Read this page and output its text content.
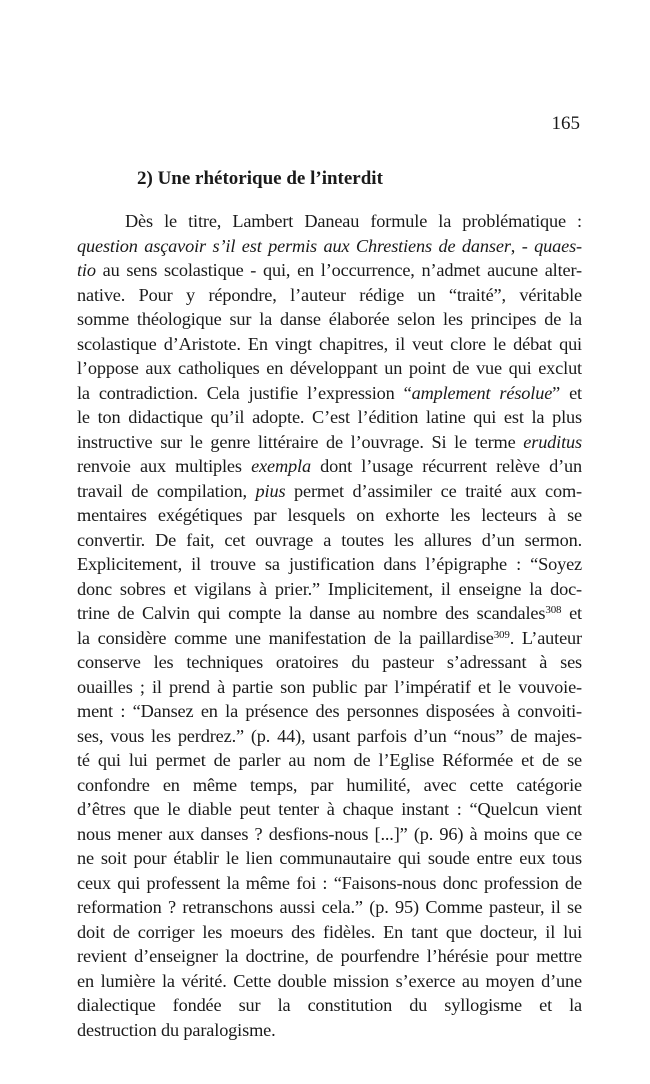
165
2) Une rhétorique de l’interdit
Dès le titre, Lambert Daneau formule la problématique :
question asçavoir s’il est permis aux Chrestiens de danser, - quaes-
tio au sens scolastique - qui, en l’occurrence, n’admet aucune alter-
native. Pour y répondre, l’auteur rédige un “traité”, véritable
somme théologique sur la danse élaborée selon les principes de la
scolastique d’Aristote. En vingt chapitres, il veut clore le débat qui
l’oppose aux catholiques en développant un point de vue qui exclut
la contradiction. Cela justifie l’expression “amplement résolue” et
le ton didactique qu’il adopte. C’est l’édition latine qui est la plus
instructive sur le genre littéraire de l’ouvrage. Si le terme eruditus
renvoie aux multiples exempla dont l’usage récurrent relève d’un
travail de compilation, pius permet d’assimiler ce traité aux com-
mentaires exégétiques par lesquels on exhorte les lecteurs à se
convertir. De fait, cet ouvrage a toutes les allures d’un sermon.
Explicitement, il trouve sa justification dans l’épigraphe : “Soyez
donc sobres et vigilans à prier.” Implicitement, il enseigne la doc-
trine de Calvin qui compte la danse au nombre des scandales$^{308}$ et
la considère comme une manifestation de la paillardise$^{309}$. L’auteur
conserve les techniques oratoires du pasteur s’adressant à ses
ouailles ; il prend à partie son public par l’impératif et le vouvoie-
ment : “Dansez en la présence des personnes disposées à convoiti-
ses, vous les perdrez.” (p. 44), usant parfois d’un “nous” de majes-
té qui lui permet de parler au nom de l’Eglise Réformée et de se
confondre en même temps, par humilité, avec cette catégorie
d’êtres que le diable peut tenter à chaque instant : “Quelcun vient
nous mener aux danses ? desfions-nous [...]” (p. 96) à moins que ce
ne soit pour établir le lien communautaire qui soude entre eux tous
ceux qui professent la même foi : “Faisons-nous donc profession de
reformation ? retranschons aussi cela.” (p. 95) Comme pasteur, il se
doit de corriger les moeurs des fidèles. En tant que docteur, il lui
revient d’enseigner la doctrine, de pourfendre l’hérésie pour mettre
en lumière la vérité. Cette double mission s’exerce au moyen d’une
dialectique fondée sur la constitution du syllogisme et la
destruction du paralogisme.
